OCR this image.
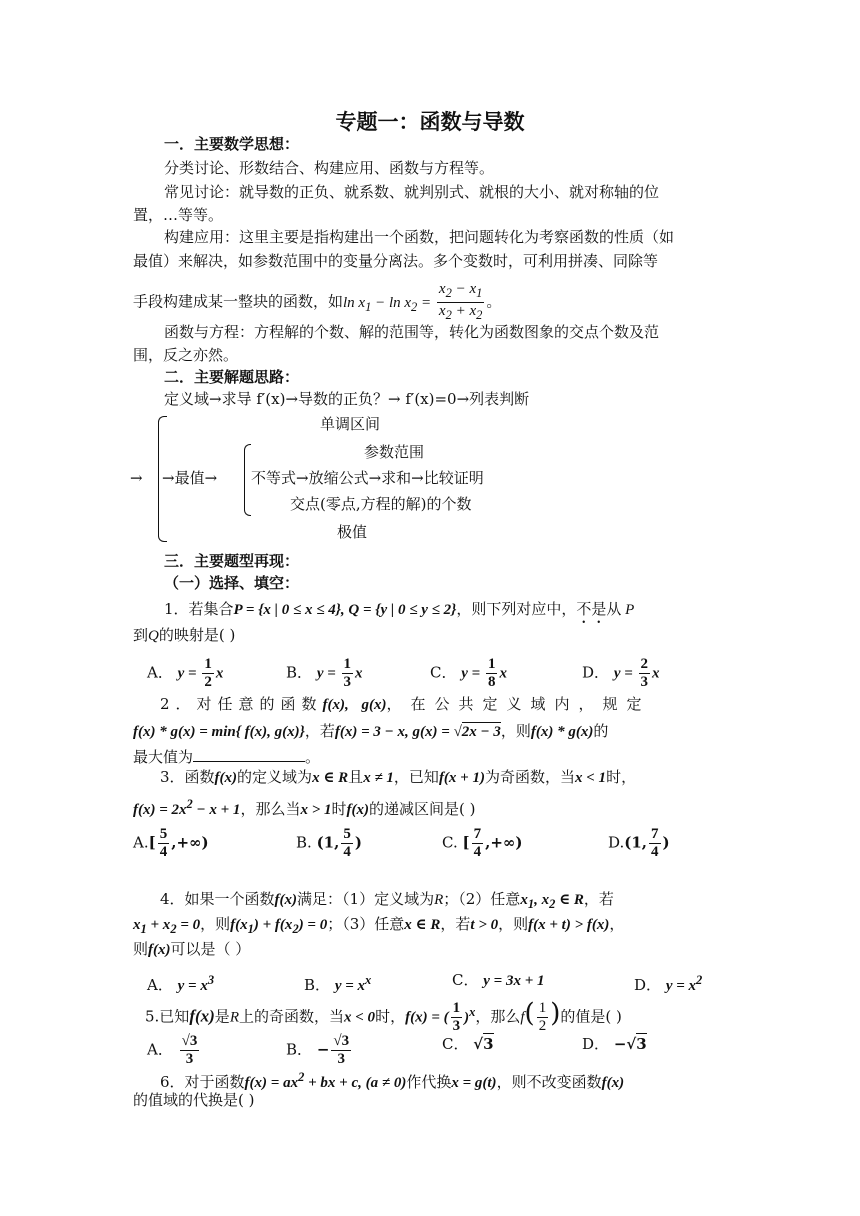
专题一：函数与导数
一．主要数学思想：
分类讨论、形数结合、构建应用、函数与方程等。
常见讨论：就导数的正负、就系数、就判别式、就根的大小、就对称轴的位
置，…等等。
构建应用：这里主要是指构建出一个函数，把问题转化为考察函数的性质（如
最值）来解决，如参数范围中的变量分离法。多个变数时，可利用拼凑、同除等
手段构建成某一整块的函数，如$\ln x_1 - \ln x_2 = \frac{x_2 - x_1}{x_2 + x_2}$ 。
函数与方程：方程解的个数、解的范围等，转化为函数图象的交点个数及范
围，反之亦然。
二．主要解题思路：
定义域→求导 f′(x)→导数的正负？→ f′(x)=0→列表判断
单调区间
→ →最值→
参数范围
不等式→放缩公式→求和→比较证明
交点(零点,方程的解)的个数
极值
三．主要题型再现：
（一）选择、填空：
1．若集合P = {x | 0 ≤ x ≤ 4}, Q = {y | 0 ≤ y ≤ 2}，则下列对应中，不是从 P
到Q的映射是( )
A． $y = \frac{1}{2}$ x	B． $y = \frac{1}{3}$ x	C． $y = \frac{1}{8}$ x	D． $y = \frac{2}{3}$ x
2．对任意的函数f(x), g(x)，在公共定义域内，规定
f(x) * g(x) = min{ f(x), g(x)}，若f(x) = 3 − x, g(x) = √2x − 3，则f(x) * g(x)的
最大值为	。
3．函数f(x)的定义域为x ∈ R且x ≠ 1，已知f(x + 1)为奇函数，当x < 1时，
$f(x) = 2x^2 - x + 1$，那么当x > 1时f(x)的递减区间是( )
$A.[ \frac{5}{4}$ ,+∞)	B. (1, $\frac{5}{4}$ )	C. [ $\frac{7}{4}$ ,+∞)	D.(1, $\frac{7}{4}$ )
4．如果一个函数f(x)满足：（1）定义域为R；（2）任意$x_1$, $x_2$ ∈ R，若
$x_1 + x_2 = 0$，则$f(x_1) + f(x_2) = 0$；（3）任意x ∈ R，若t > 0，则f(x + t) > f(x)，
则f(x)可以是（ ）
A． $y = x^3$	B． $y = x^x$	C． y = 3x + 1	D． $y = x^2$
5.已知f(x)是R上的奇函数，当x < 0时，f(x) = ( $\frac{1}{3} )^x$，那么$f( \frac{1}{2}$ )的值是( )
A． $\frac{√3}{3}$	B． − $\frac{√3}{3}$	C． √3	D． −√3
6．对于函数$f(x) = ax^2$ + bx + c, (a ≠ 0)作代换x = g(t)，则不改变函数f(x)
的值域的代换是( )
